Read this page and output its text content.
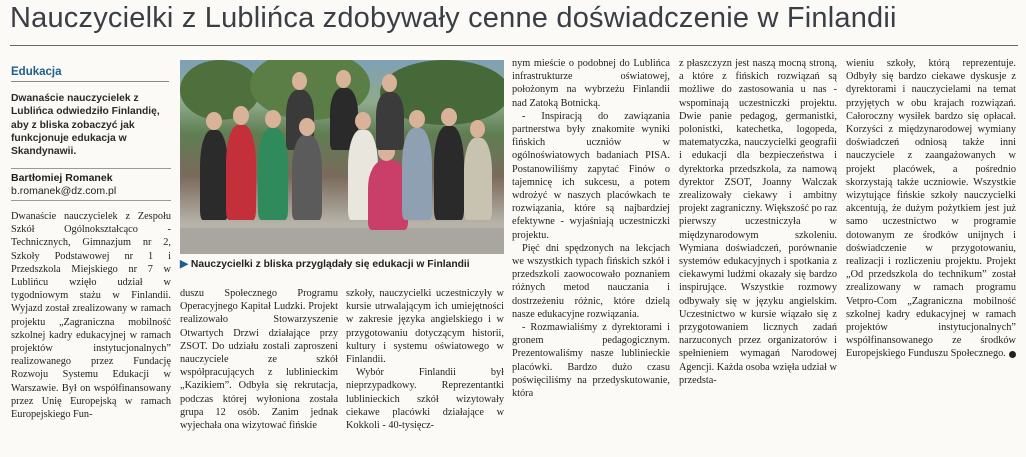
Nauczycielki z Lublińca zdobywały cenne doświadczenie w Finlandii
Edukacja
Dwanaście nauczycielek z Lublińca odwiedziło Finlandię, aby z bliska zobaczyć jak funkcjonuje edukacja w Skandynawii.
Bartłomiej Romanek
b.romanek@dz.com.pl

Dwanaście nauczycielek z Zespołu Szkół Ogólnokształcąco - Technicznych, Gimnazjum nr 2, Szkoły Podstawowej nr 1 i Przedszkola Miejskiego nr 7 w Lublińcu wzięło udział w tygodniowym stażu w Finlandii. Wyjazd został zrealizowany w ramach projektu „Zagraniczna mobilność szkolnej kadry edukacyjnej w ramach projektów instytucjonalnych” realizowanego przez Fundację Rozwoju Systemu Edukacji w Warszawie. Był on współfinansowany przez Unię Europejską w ramach Europejskiego Fun-

▶ Nauczycielki z bliska przyglądały się edukacji w Finlandii

duszu Społecznego Programu Operacyjnego Kapitał Ludzki. Projekt realizowało Stowarzyszenie Otwartych Drzwi działające przy ZSOT. Do udziału zostali zaproszeni nauczyciele ze szkół współpracujących z lublinieckim „Kazikiem”. Odbyła się rekrutacja, podczas której wyłoniona została grupa 12 osób. Zanim jednak wyjechała ona wizytować fińskie

szkoły, nauczycielki uczestniczyły w kursie utrwalającym ich umiejętności w zakresie języka angielskiego i w przygotowaniu dotyczącym historii, kultury i systemu oświatowego w Finlandii.

Wybór Finlandii był nieprzypadkowy. Reprezentantki lublinieckich szkół wizytowały ciekawe placówki działające w Kokkoli - 40-tysięcz-

nym mieście o podobnej do Lublińca infrastrukturze oświatowej, położonym na wybrzeżu Finlandii nad Zatoką Botnicką.

- Inspiracją do zawiązania partnerstwa były znakomite wyniki fińskich uczniów w ogólnoświatowych badaniach PISA. Postanowiliśmy zapytać Finów o tajemnicę ich sukcesu, a potem wdrożyć w naszych placówkach te rozwiązania, które są najbardziej efektywne - wyjaśniają uczestniczki projektu.

Pięć dni spędzonych na lekcjach we wszystkich typach fińskich szkół i przedszkoli zaowocowało poznaniem różnych metod nauczania i dostrzeżeniu różnic, które dzielą nasze edukacyjne rozwiązania.

- Rozmawialiśmy z dyrektorami i gronem pedagogicznym. Prezentowaliśmy nasze lublinieckie placówki. Bardzo dużo czasu poświęciliśmy na przedyskutowanie, która

z płaszczyzn jest naszą mocną stroną, a które z fińskich rozwiązań są możliwe do zastosowania u nas - wspominają uczestniczki projektu. Dwie panie pedagog, germanistki, polonistki, katechetka, logopeda, matematyczka, nauczycielki geografii i edukacji dla bezpieczeństwa i dyrektorka przedszkola, za namową dyrektor ZSOT, Joanny Walczak zrealizowały ciekawy i ambitny projekt zagraniczny. Większość po raz pierwszy uczestniczyła w międzynarodowym szkoleniu. Wymiana doświadczeń, porównanie systemów edukacyjnych i spotkania z ciekawymi ludźmi okazały się bardzo inspirujące. Wszystkie rozmowy odbywały się w języku angielskim. Uczestnictwo w kursie wiązało się z przygotowaniem licznych zadań narzuconych przez organizatorów i spełnieniem wymagań Narodowej Agencji. Każda osoba wzięła udział w przedsta-

wieniu szkoły, którą reprezentuje. Odbyły się bardzo ciekawe dyskusje z dyrektorami i nauczycielami na temat przyjętych w obu krajach rozwiązań. Całoroczny wysiłek bardzo się opłacał. Korzyści z międzynarodowej wymiany doświadczeń odniosą także inni nauczyciele z zaangażowanych w projekt placówek, a pośrednio skorzystają także uczniowie. Wszystkie wizytujące fińskie szkoły nauczycielki akcentują, że dużym pożytkiem jest już samo uczestnictwo w programie dotowanym ze środków unijnych i doświadczenie w przygotowaniu, realizacji i rozliczeniu projektu. Projekt „Od przedszkola do technikum” został zrealizowany w ramach programu Vetpro-Com „Zagraniczna mobilność szkolnej kadry edukacyjnej w ramach projektów instytucjonalnych” współfinansowanego ze środków Europejskiego Funduszu Społecznego.
